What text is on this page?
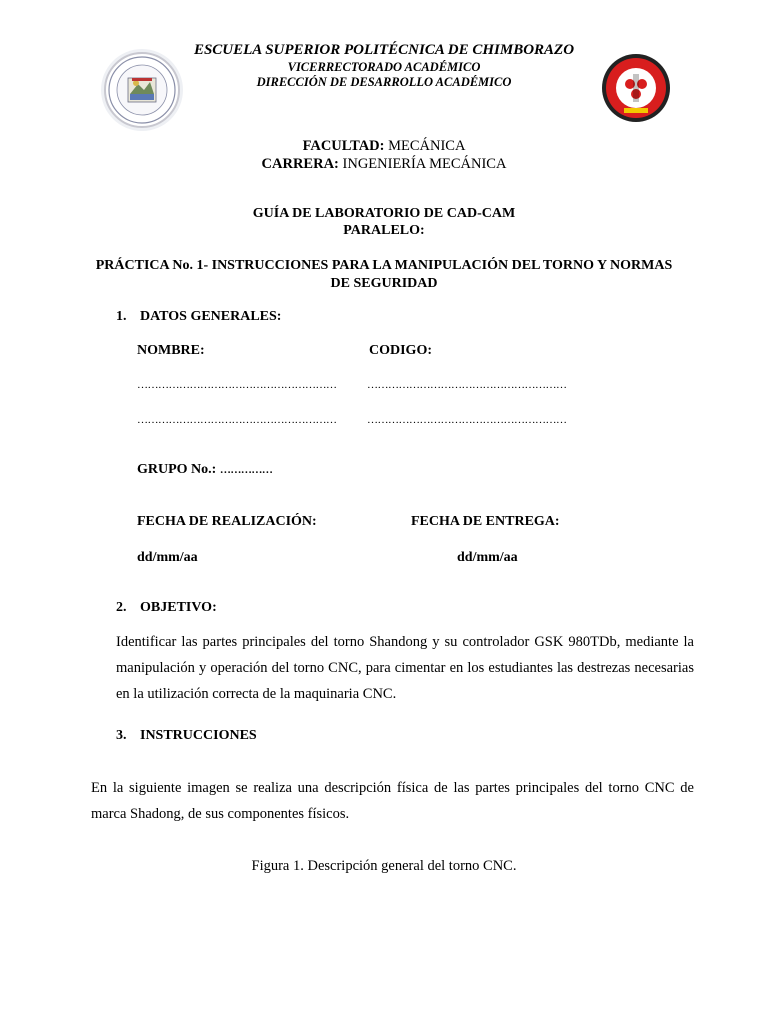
ESCUELA SUPERIOR POLITÉCNICA DE CHIMBORAZO
VICERRECTORADO ACADÉMICO
DIRECCIÓN DE DESARROLLO ACADÉMICO
FACULTAD: MECÁNICA
CARRERA: INGENIERÍA MECÁNICA
GUÍA DE LABORATORIO DE CAD-CAM
PARALELO:
PRÁCTICA No. 1- INSTRUCCIONES PARA LA MANIPULACIÓN DEL TORNO Y NORMAS DE SEGURIDAD
1. DATOS GENERALES:
NOMBRE:	CODIGO:
…………………………………………………	…………………………………………………
…………………………………………………	…………………………………………………
GRUPO No.: ……………
FECHA DE REALIZACIÓN:	FECHA DE ENTREGA:
dd/mm/aa	dd/mm/aa
2. OBJETIVO:
Identificar las partes principales del torno Shandong y su controlador GSK 980TDb, mediante la manipulación y operación del torno CNC, para cimentar en los estudiantes las destrezas necesarias en la utilización correcta de la maquinaria CNC.
3. INSTRUCCIONES
En la siguiente imagen se realiza una descripción física de las partes principales del torno CNC de marca Shadong, de sus componentes físicos.
Figura 1. Descripción general del torno CNC.
